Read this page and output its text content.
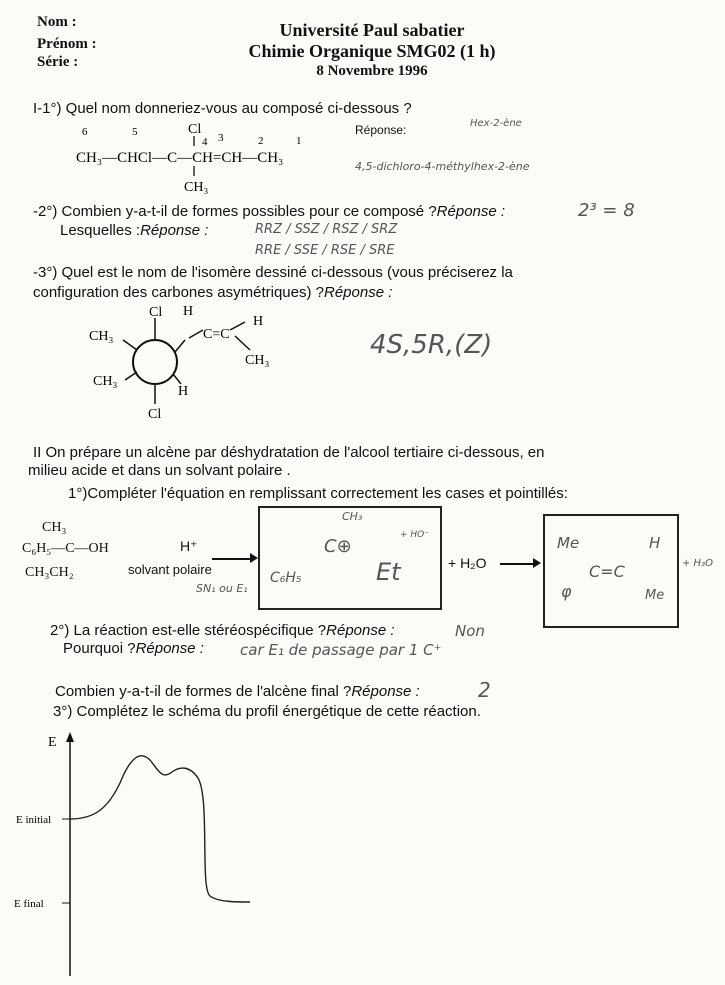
Nom :
Prénom :
Série :
Université Paul sabatier
Chimie Organique SMG02 (1 h)
8 Novembre 1996
I-1°) Quel nom donneriez-vous au composé ci-dessous ?
Réponse:	Hex-2-ène
4,5-dichloro-4-méthylhex-2-ène
6	5
4 3	2	1
Cl
CH₃—CHCl—C—CH=CH—CH₃
CH₃
-2°) Combien y-a-t-il de formes possibles pour ce composé ?Réponse :	2³ = 8
Lesquelles :Réponse :	RRZ / SSZ / RSZ / SRZ
RRE / SSE / RSE / SRE
-3°) Quel est le nom de l'isomère dessiné ci-dessous (vous préciserez la
configuration des carbones asymétriques) ?Réponse :
4S,5R,(Z)
Cl H
H
CH₃
CH₃
H
Cl
C=C
CH₃
II On prépare un alcène par déshydratation de l'alcool tertiaire ci-dessous, en
milieu acide et dans un solvant polaire .
1°)Compléter l'équation en remplissant correctement les cases et pointillés:
CH₃
C₆H₅—C—OH
CH₃CH₂
H⁺
solvant polaire
SN₁ ou E₁
CH₃
C⊕
C₆H₅	Et
+ HO⁻
+ H₂O
Me	H
C=C
φ	Me
+ H₃O
2°) La réaction est-elle stéréospécifique ?Réponse :	Non
Pourquoi ?Réponse : car E₁ de passage par 1 C⁺
Combien y-a-t-il de formes de l'alcène final ?Réponse :	2
3°) Complétez le schéma du profil énergétique de cette réaction.
E
E initial
E final
